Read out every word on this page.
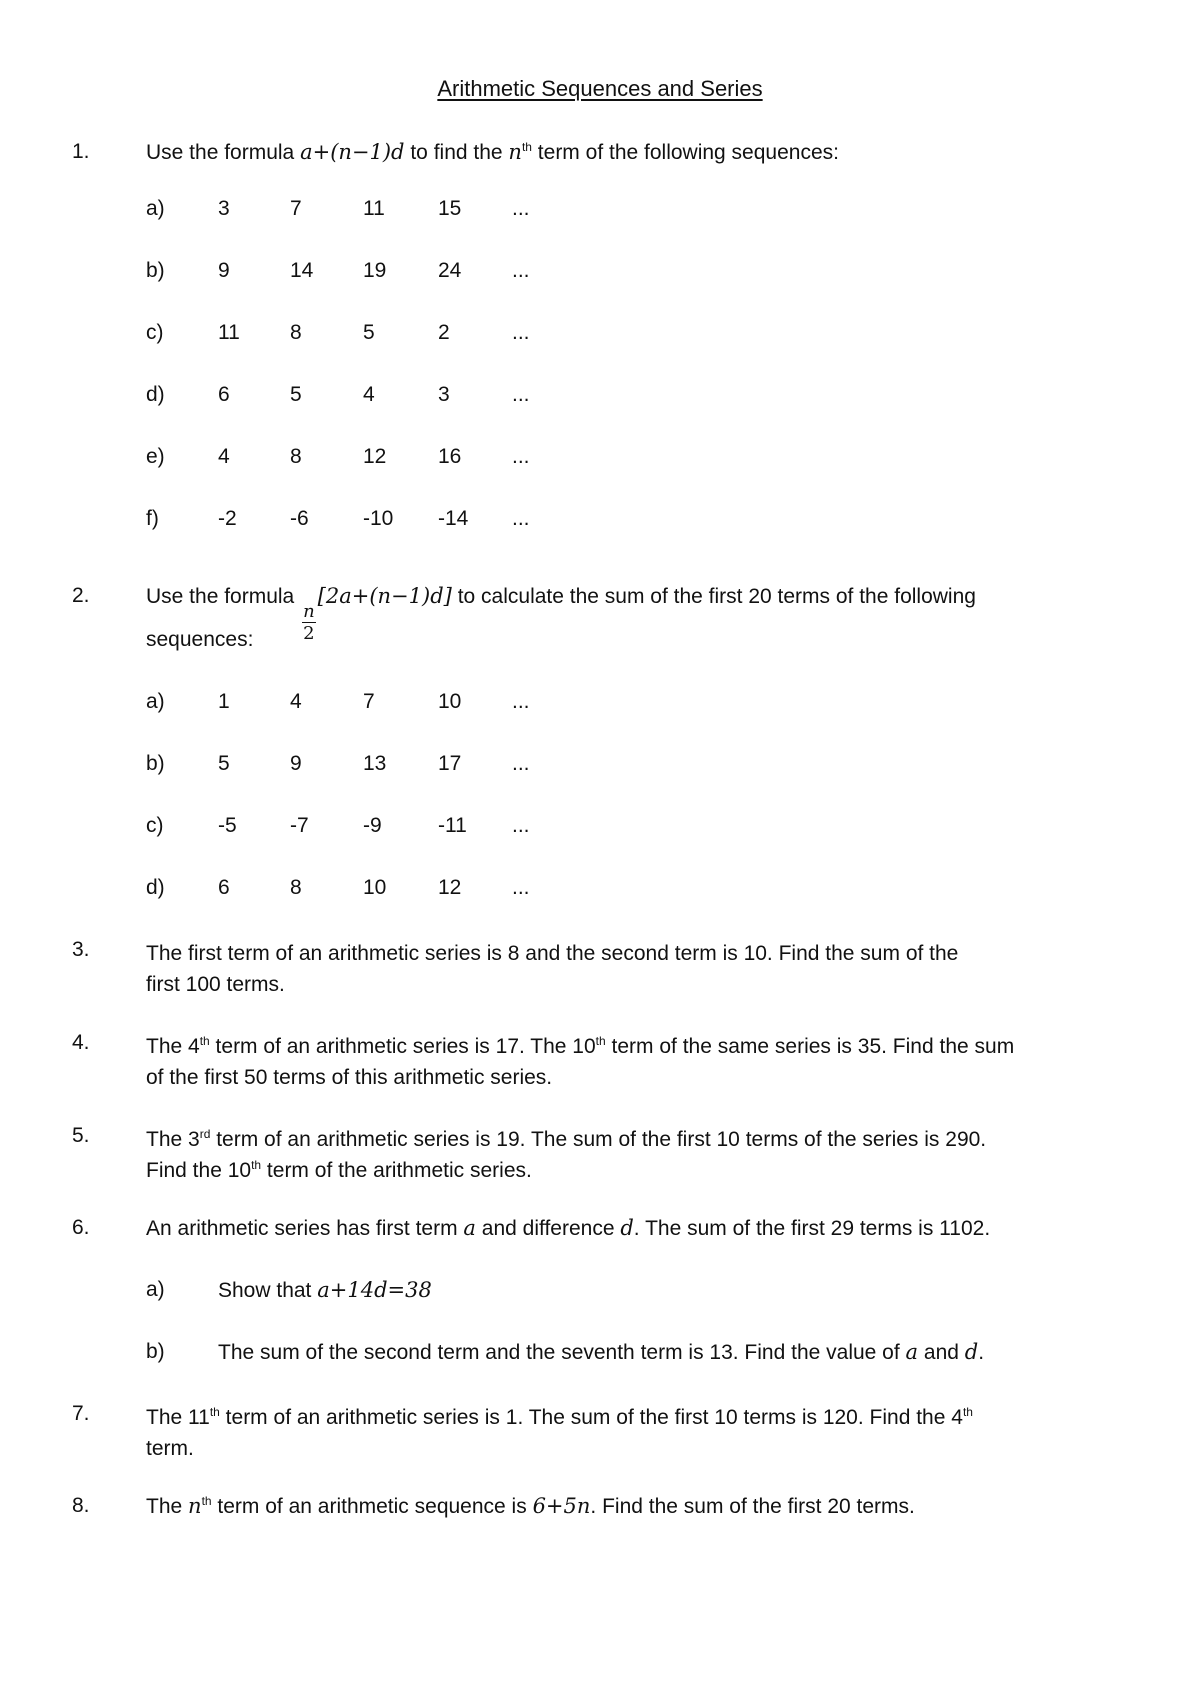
Arithmetic Sequences and Series
1.	Use the formula a+(n−1)d to find the $n^{th}$ term of the following sequences:
a)	3	7	11	15 ...
b)	9	14 19 24 ...
c)	11 8	5	2	...
d)	6	5	4	3	...
e)	4	8	12 16 ...
f)	-2	-6	-10 -14 ...
2.	Use the formula
$\frac{n}{2}$
[2a+(n−1)d] to calculate the sum of the first 20 terms of the following
sequences:
a)	1	4	7	10 ...
b)	5	9	13 17 ...
c)	-5	-7	-9	-11 ...
d)	6	8	10 12 ...
3.	The first term of an arithmetic series is 8 and the second term is 10. Find the sum of the
first 100 terms.
4.	The 4th term of an arithmetic series is 17. The 10th term of the same series is 35. Find the sum
of the first 50 terms of this arithmetic series.
5.	The 3rd term of an arithmetic series is 19. The sum of the first 10 terms of the series is 290.
Find the 10th term of the arithmetic series.
6.	An arithmetic series has first term a and difference d. The sum of the first 29 terms is 1102.
a)	Show that a+14d=38
b)	The sum of the second term and the seventh term is 13. Find the value of a and d.
7.	The 11th term of an arithmetic series is 1. The sum of the first 10 terms is 120. Find the 4th
term.
8.	The $n^{th}$ term of an arithmetic sequence is 6+5n. Find the sum of the first 20 terms.
